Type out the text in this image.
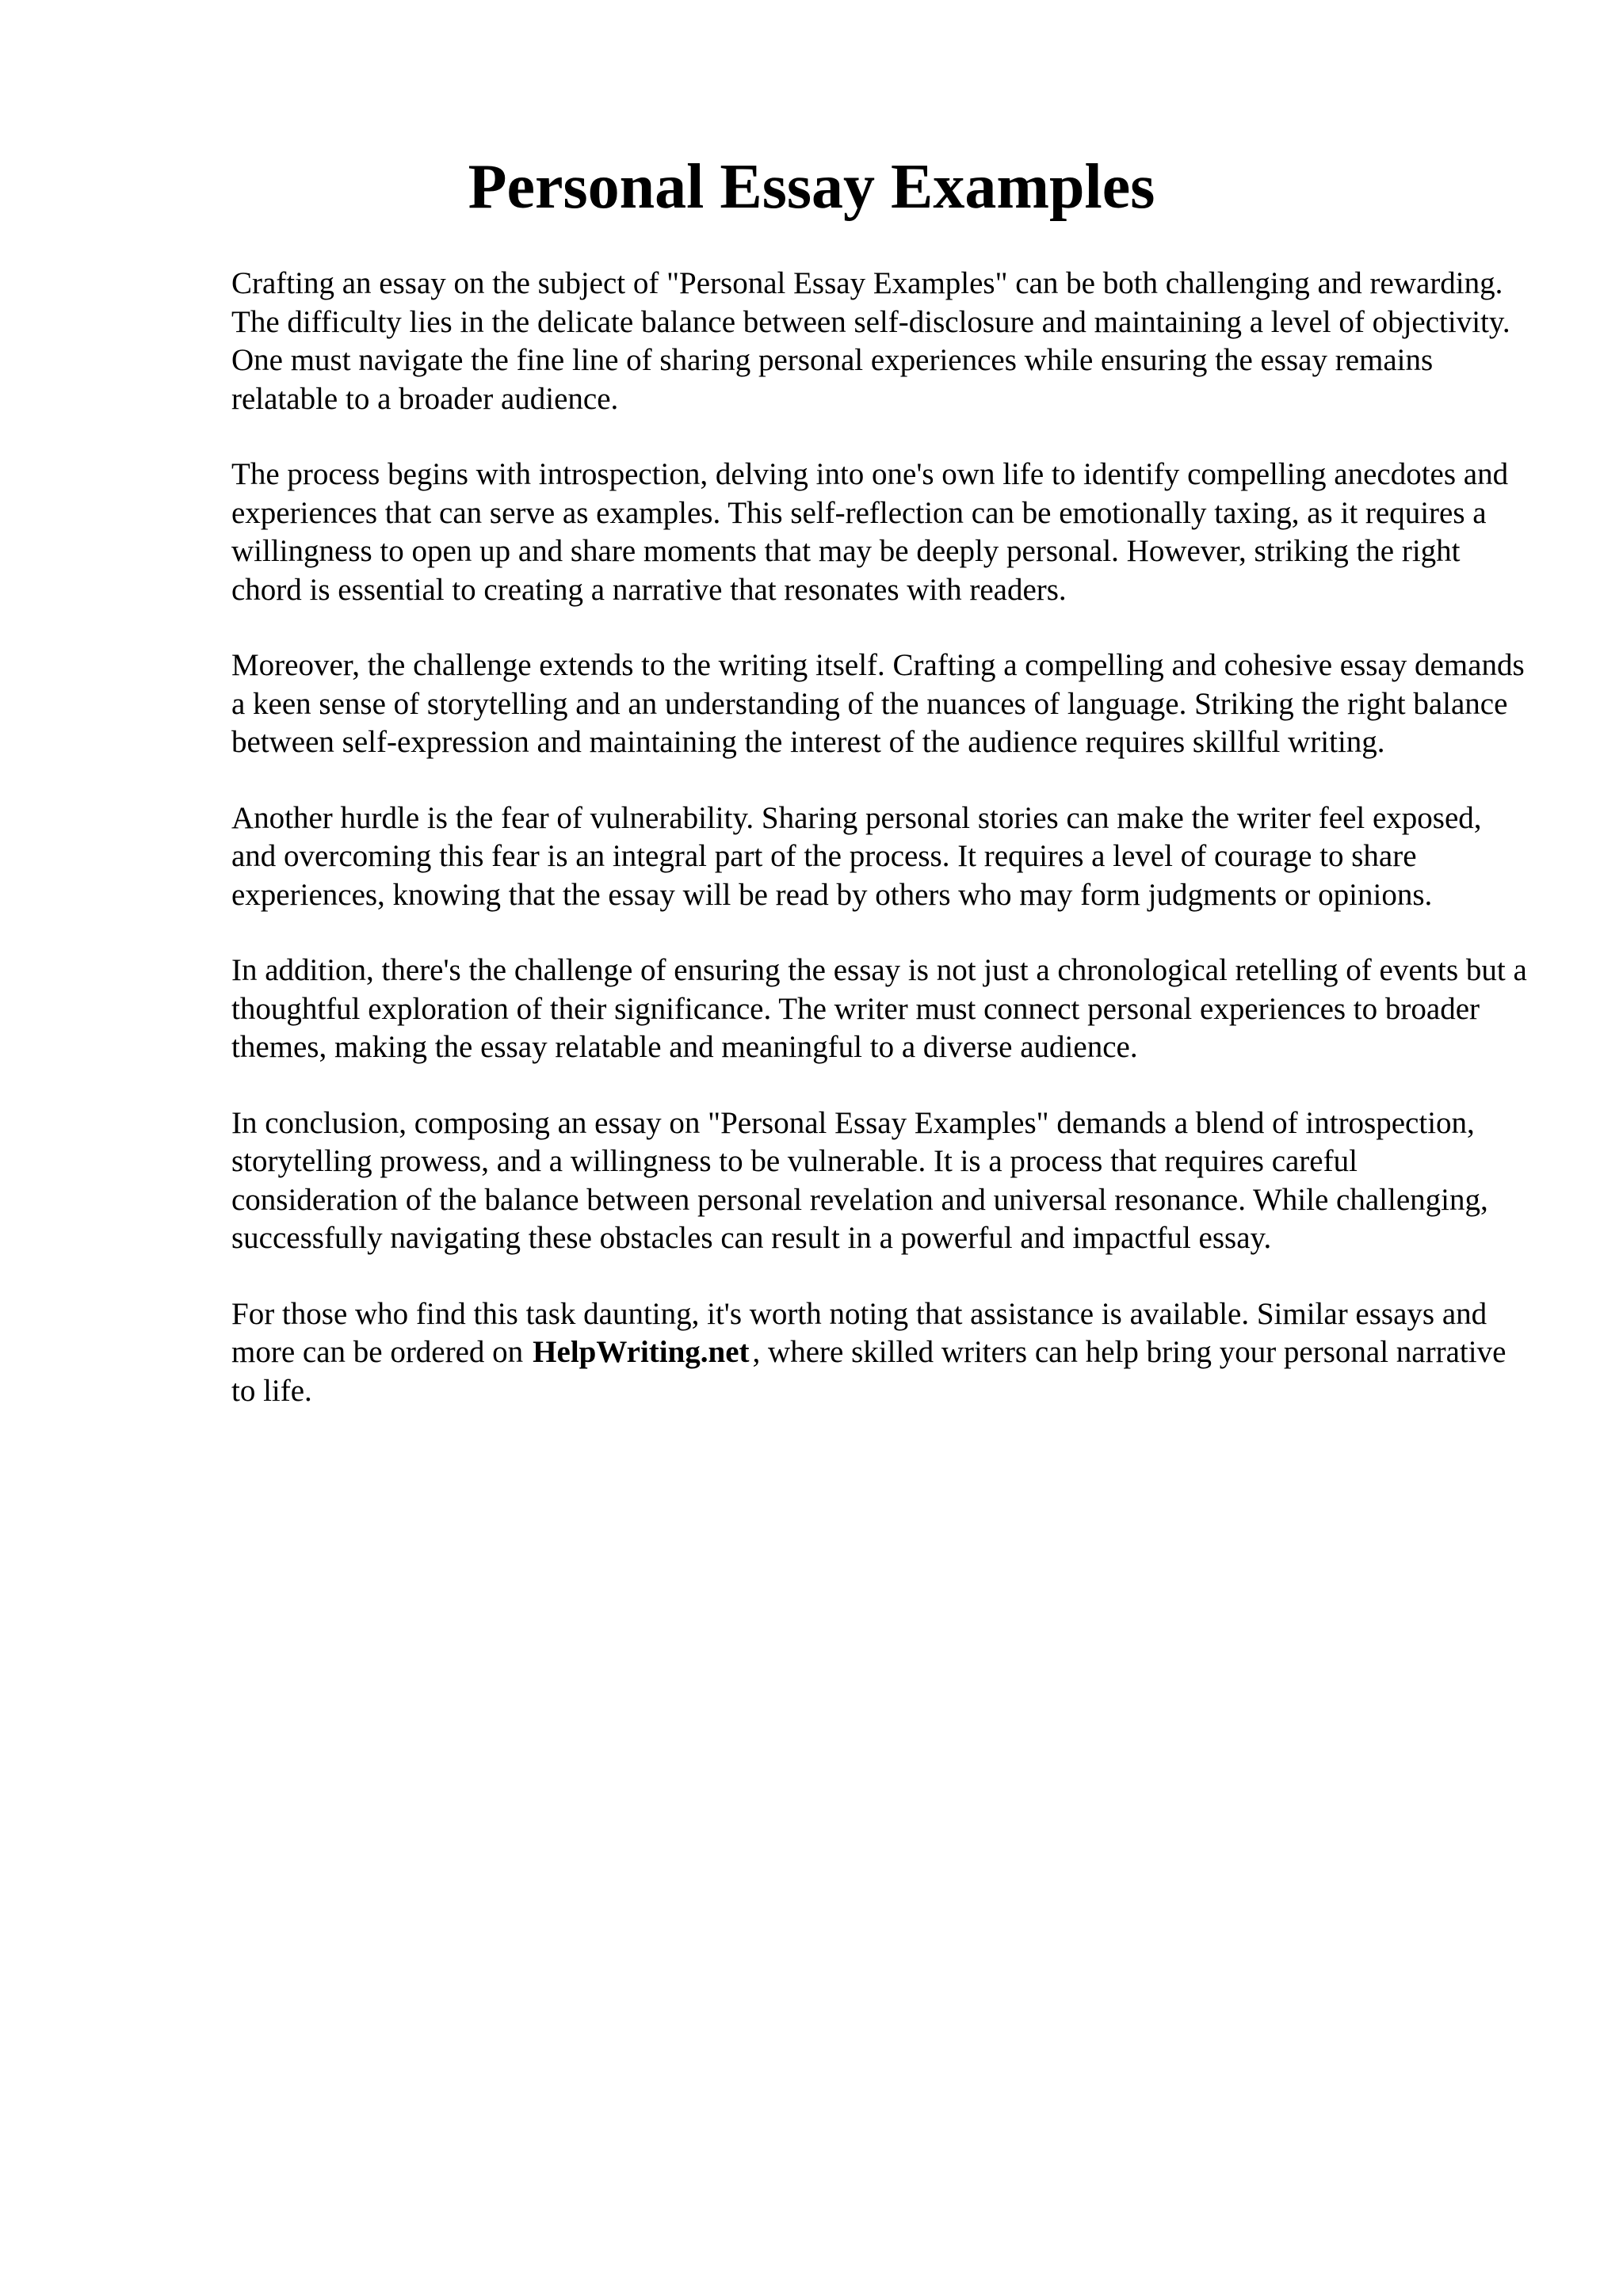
Personal Essay Examples

Crafting an essay on the subject of "Personal Essay Examples" can be both challenging and rewarding. The difficulty lies in the delicate balance between self-disclosure and maintaining a level of objectivity. One must navigate the fine line of sharing personal experiences while ensuring the essay remains relatable to a broader audience.

The process begins with introspection, delving into one's own life to identify compelling anecdotes and experiences that can serve as examples. This self-reflection can be emotionally taxing, as it requires a willingness to open up and share moments that may be deeply personal. However, striking the right chord is essential to creating a narrative that resonates with readers.

Moreover, the challenge extends to the writing itself. Crafting a compelling and cohesive essay demands a keen sense of storytelling and an understanding of the nuances of language. Striking the right balance between self-expression and maintaining the interest of the audience requires skillful writing.

Another hurdle is the fear of vulnerability. Sharing personal stories can make the writer feel exposed, and overcoming this fear is an integral part of the process. It requires a level of courage to share experiences, knowing that the essay will be read by others who may form judgments or opinions.

In addition, there's the challenge of ensuring the essay is not just a chronological retelling of events but a thoughtful exploration of their significance. The writer must connect personal experiences to broader themes, making the essay relatable and meaningful to a diverse audience.

In conclusion, composing an essay on "Personal Essay Examples" demands a blend of introspection, storytelling prowess, and a willingness to be vulnerable. It is a process that requires careful consideration of the balance between personal revelation and universal resonance. While challenging, successfully navigating these obstacles can result in a powerful and impactful essay.

For those who find this task daunting, it's worth noting that assistance is available. Similar essays and more can be ordered on HelpWriting.net , where skilled writers can help bring your personal narrative to life.
